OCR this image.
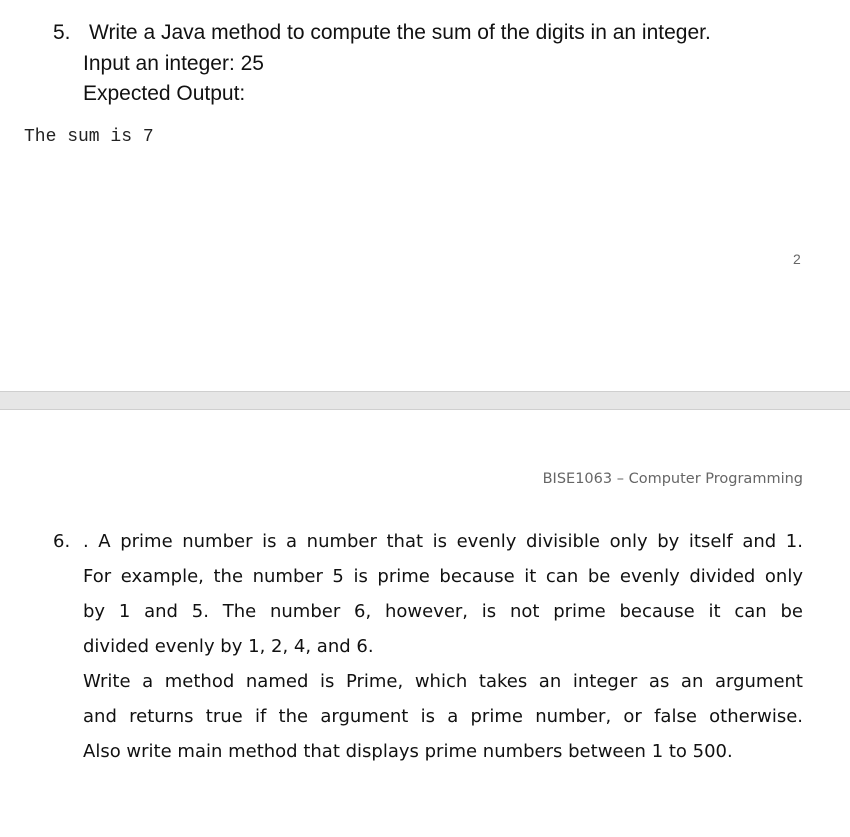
5. Write a Java method to compute the sum of the digits in an integer.
Input an integer: 25
Expected Output:
The sum is 7
2
BISE1063 – Computer Programming
6. . A prime number is a number that is evenly divisible only by itself and 1.
For example, the number 5 is prime because it can be evenly divided only
by 1 and 5. The number 6, however, is not prime because it can be
divided evenly by 1, 2, 4, and 6.
Write a method named is Prime, which takes an integer as an argument
and returns true if the argument is a prime number, or false otherwise.
Also write main method that displays prime numbers between 1 to 500.
